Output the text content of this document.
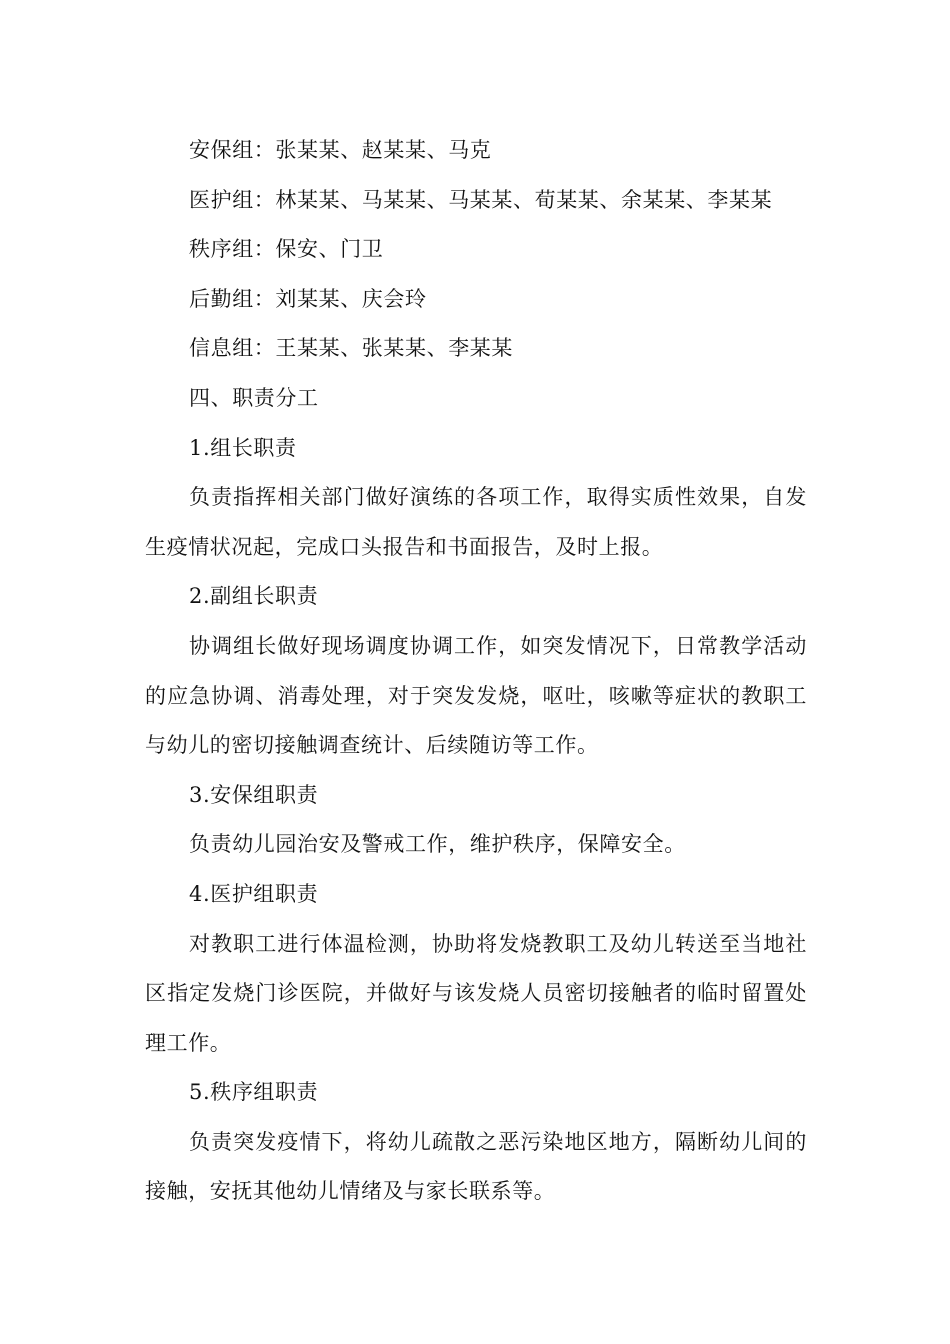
安保组：张某某、赵某某、马克

医护组：林某某、马某某、马某某、荀某某、余某某、李某某

秩序组：保安、门卫

后勤组：刘某某、庆会玲

信息组：王某某、张某某、李某某

四、职责分工

1.组长职责

负责指挥相关部门做好演练的各项工作，取得实质性效果，自发生疫情状况起，完成口头报告和书面报告，及时上报。

2.副组长职责

协调组长做好现场调度协调工作，如突发情况下，日常教学活动的应急协调、消毒处理，对于突发发烧，呕吐，咳嗽等症状的教职工与幼儿的密切接触调查统计、后续随访等工作。

3.安保组职责

负责幼儿园治安及警戒工作，维护秩序，保障安全。

4.医护组职责

对教职工进行体温检测，协助将发烧教职工及幼儿转送至当地社区指定发烧门诊医院，并做好与该发烧人员密切接触者的临时留置处理工作。

5.秩序组职责

负责突发疫情下，将幼儿疏散之恶污染地区地方，隔断幼儿间的接触，安抚其他幼儿情绪及与家长联系等。
